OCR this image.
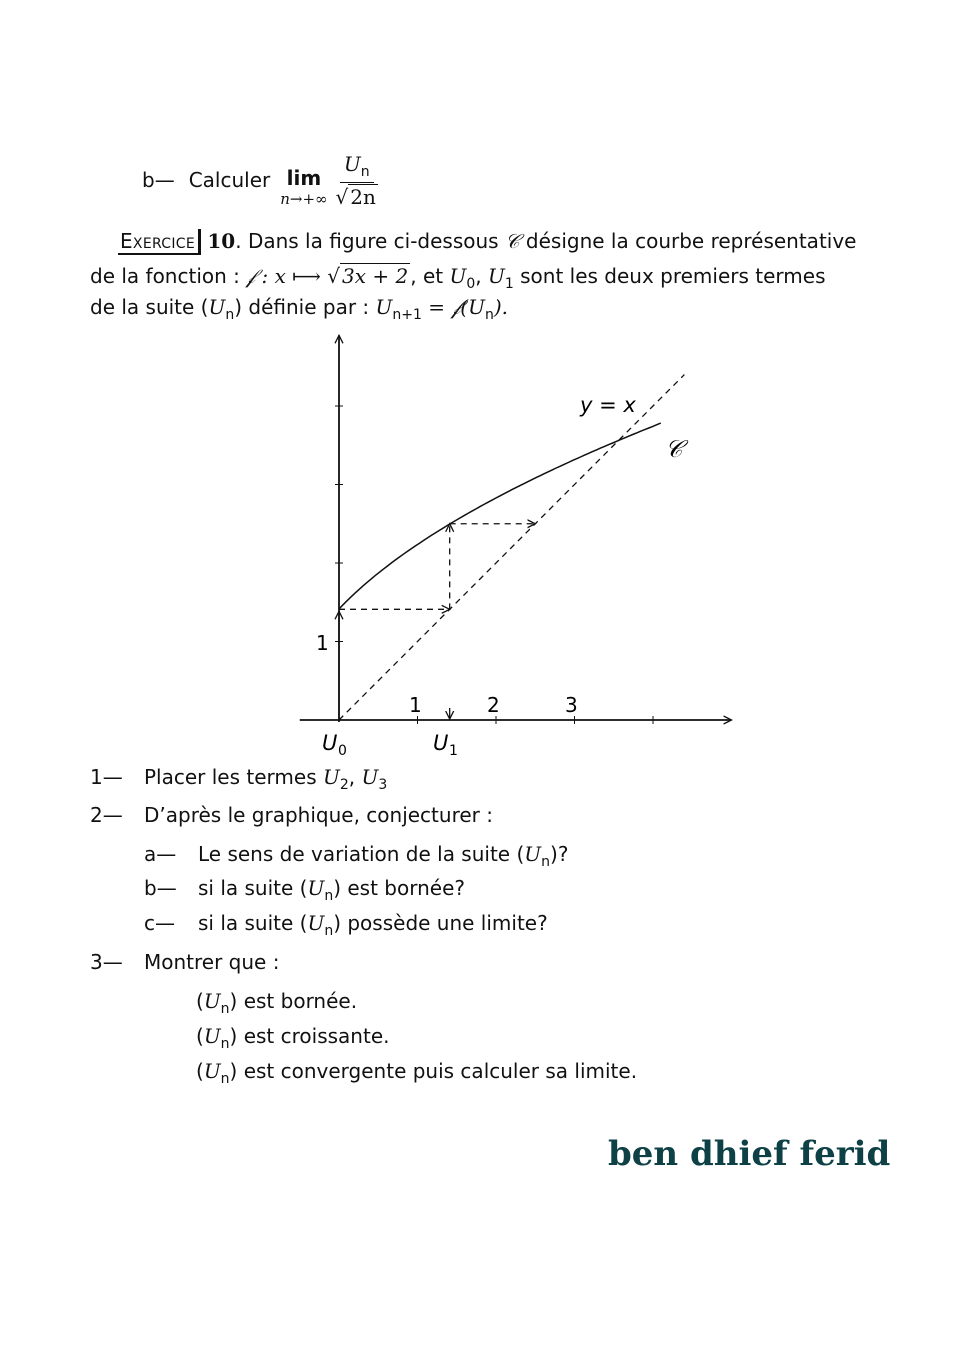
b— Calculer lim
$n\to+\infty \frac{U_n}{√ 2n}$
Exercice 10. Dans la figure ci-dessous 𝒞 désigne la courbe représentative
de la fonction : 𝒻 : x ⟼ √ 3x + 2 , et $U_0$, $U_1$ sont les deux premiers termes
de la suite $(U_n)$ définie par : $U_{n+1}$ = $𝒻(U_n)$.
1
1	2	3
y = x
𝒞
U 0	U 1
1— Placer les termes $U_2$, $U_3$
2— D’après le graphique, conjecturer :
a— Le sens de variation de la suite $(U_n)$?
b— si la suite $(U_n)$ est bornée?
c— si la suite $(U_n)$ possède une limite?
3— Montrer que :
$(U_n)$ est bornée.
$(U_n)$ est croissante.
$(U_n)$ est convergente puis calculer sa limite.
ben dhief ferid
